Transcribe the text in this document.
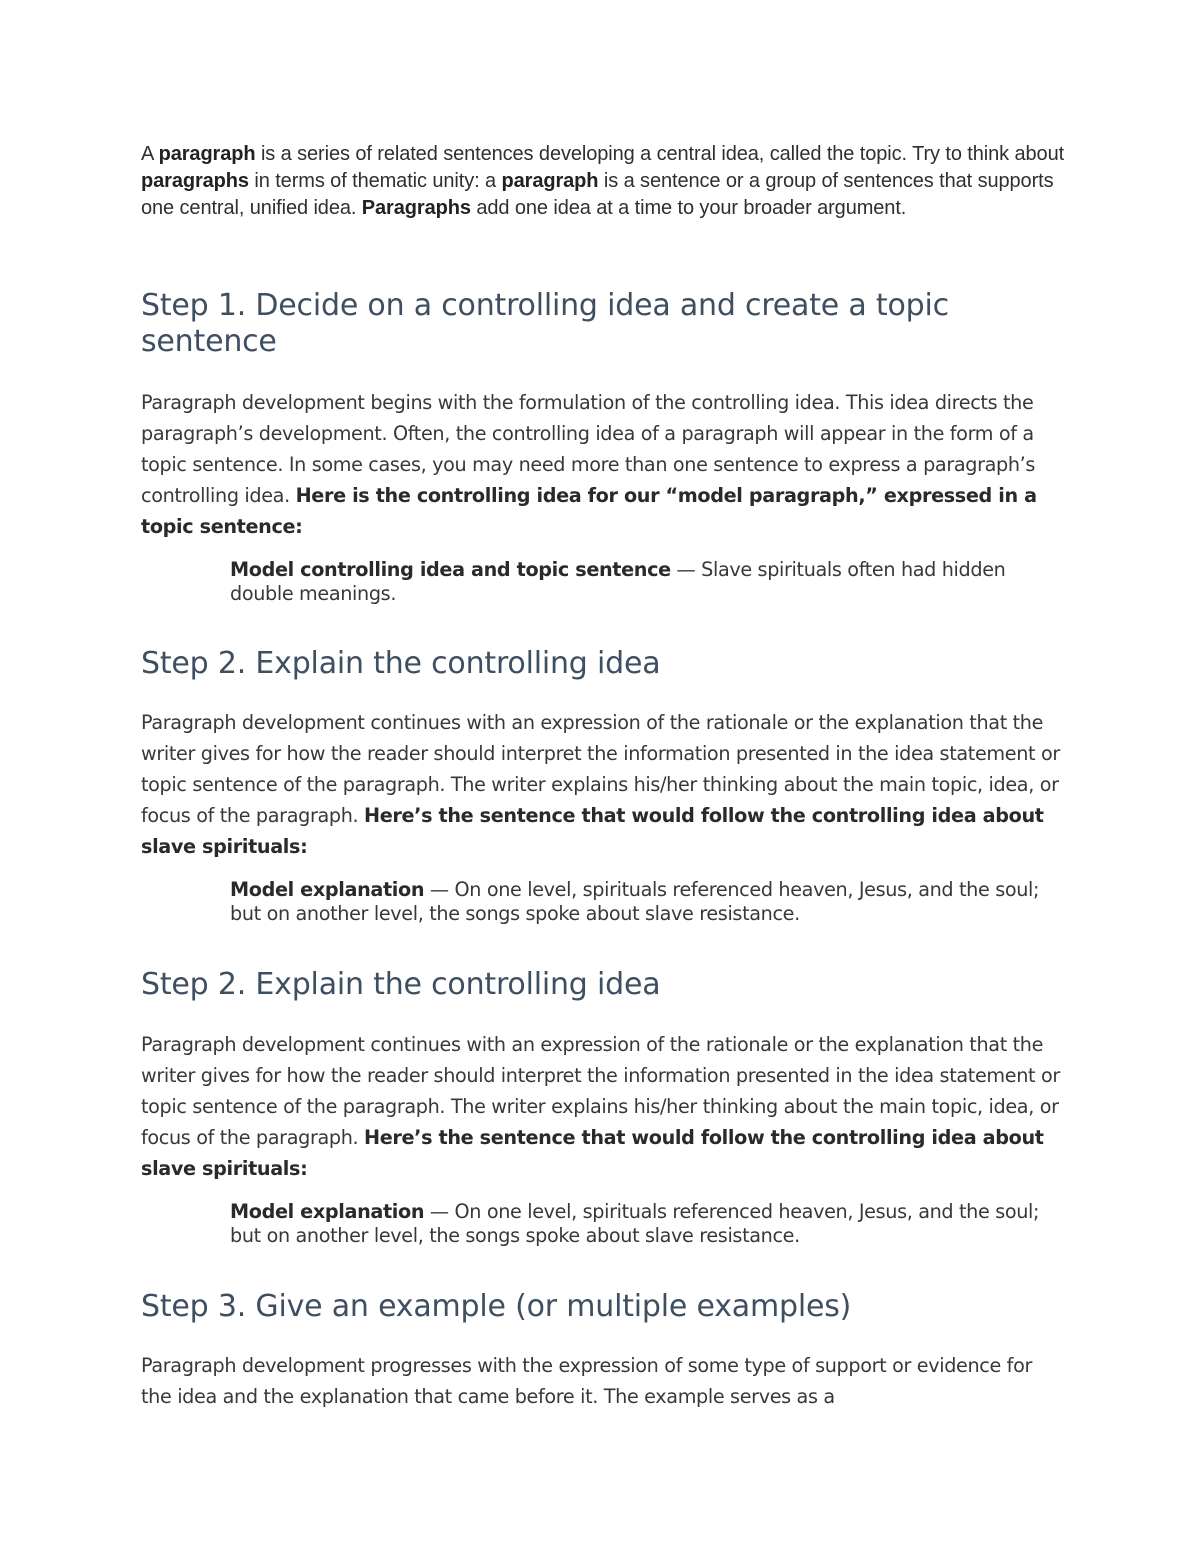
A paragraph is a series of related sentences developing a central idea, called the topic. Try to think about paragraphs in terms of thematic unity: a paragraph is a sentence or a group of sentences that supports one central, unified idea. Paragraphs add one idea at a time to your broader argument.

Step 1. Decide on a controlling idea and create a topic sentence

Paragraph development begins with the formulation of the controlling idea. This idea directs the paragraph’s development. Often, the controlling idea of a paragraph will appear in the form of a topic sentence. In some cases, you may need more than one sentence to express a paragraph’s controlling idea. Here is the controlling idea for our “model paragraph,” expressed in a topic sentence:

Model controlling idea and topic sentence — Slave spirituals often had hidden double meanings.

Step 2. Explain the controlling idea

Paragraph development continues with an expression of the rationale or the explanation that the writer gives for how the reader should interpret the information presented in the idea statement or topic sentence of the paragraph. The writer explains his/her thinking about the main topic, idea, or focus of the paragraph. Here’s the sentence that would follow the controlling idea about slave spirituals:

Model explanation — On one level, spirituals referenced heaven, Jesus, and the soul; but on another level, the songs spoke about slave resistance.

Step 2. Explain the controlling idea

Paragraph development continues with an expression of the rationale or the explanation that the writer gives for how the reader should interpret the information presented in the idea statement or topic sentence of the paragraph. The writer explains his/her thinking about the main topic, idea, or focus of the paragraph. Here’s the sentence that would follow the controlling idea about slave spirituals:

Model explanation — On one level, spirituals referenced heaven, Jesus, and the soul; but on another level, the songs spoke about slave resistance.

Step 3. Give an example (or multiple examples)

Paragraph development progresses with the expression of some type of support or evidence for the idea and the explanation that came before it. The example serves as a
